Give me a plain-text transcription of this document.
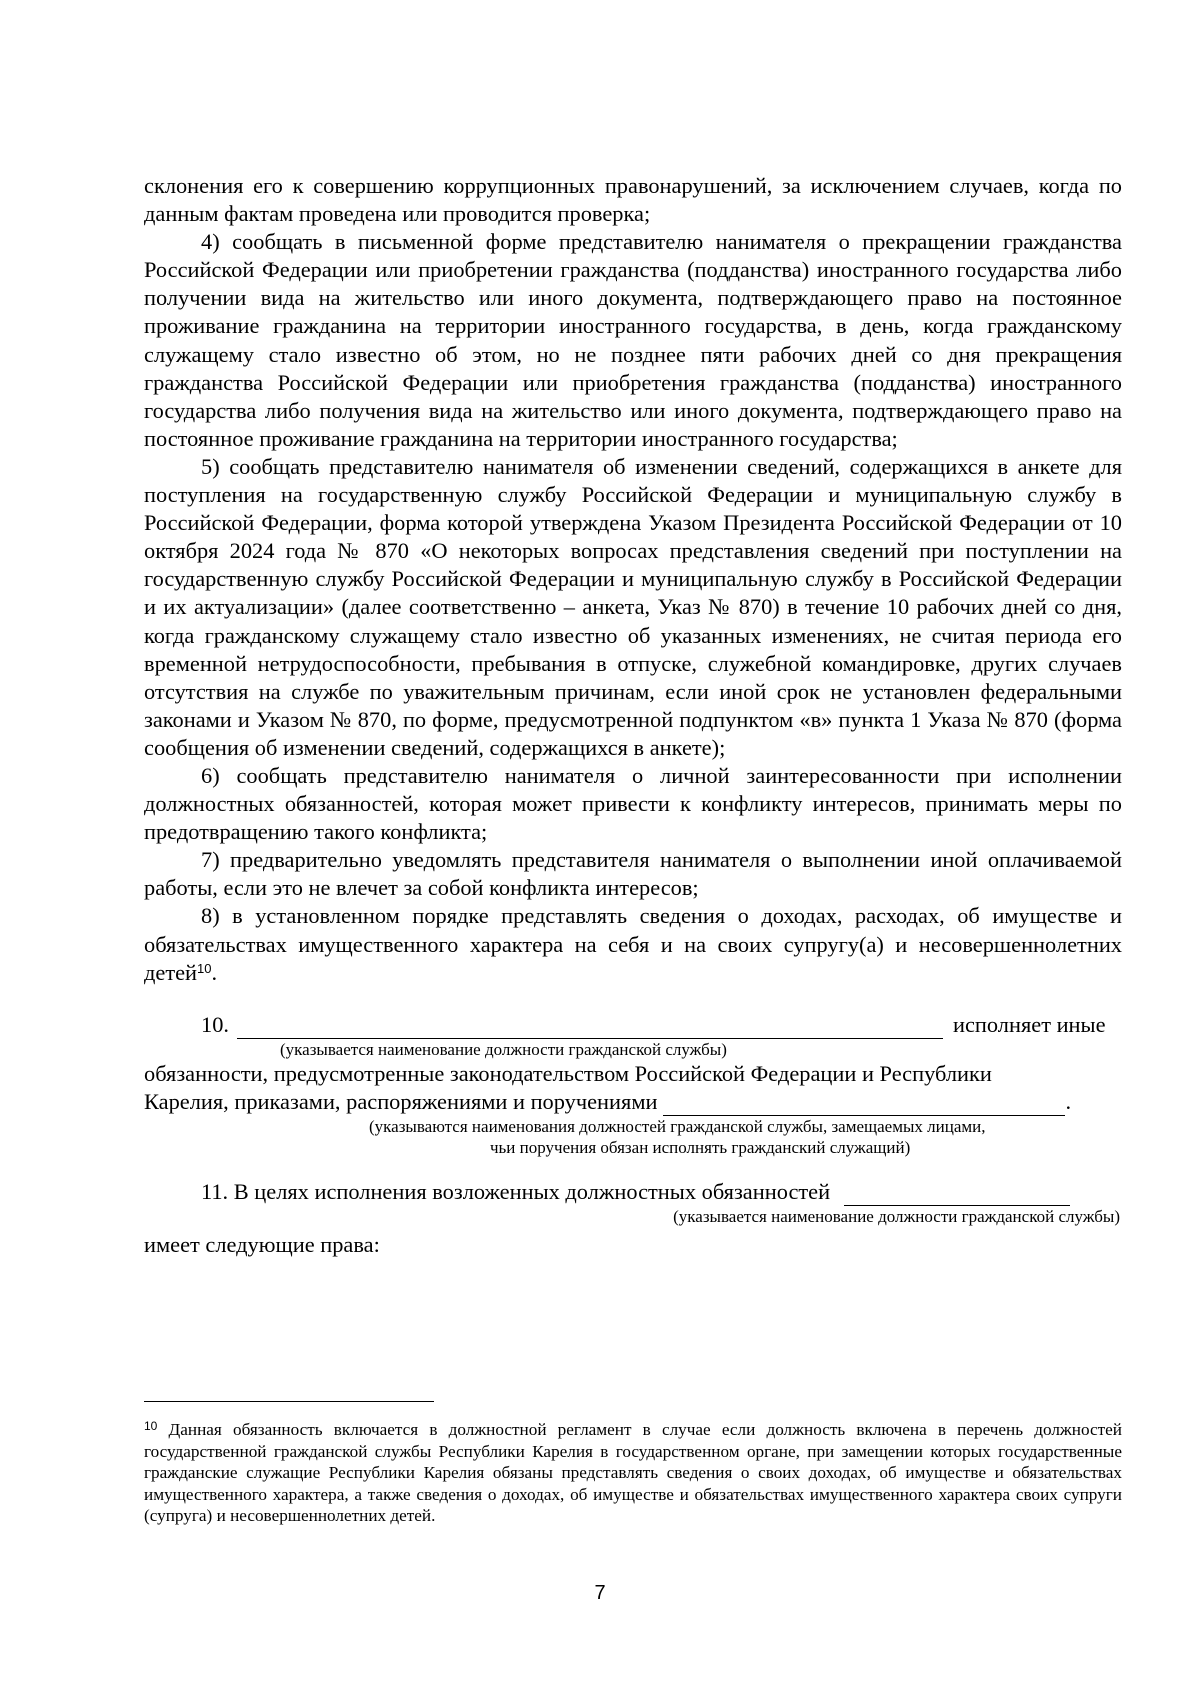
склонения его к совершению коррупционных правонарушений, за исключением случаев, когда по данным фактам проведена или проводится проверка;

4) сообщать в письменной форме представителю нанимателя о прекращении гражданства Российской Федерации или приобретении гражданства (подданства) иностранного государства либо получении вида на жительство или иного документа, подтверждающего право на постоянное проживание гражданина на территории иностранного государства, в день, когда гражданскому служащему стало известно об этом, но не позднее пяти рабочих дней со дня прекращения гражданства Российской Федерации или приобретения гражданства (подданства) иностранного государства либо получения вида на жительство или иного документа, подтверждающего право на постоянное проживание гражданина на территории иностранного государства;

5) сообщать представителю нанимателя об изменении сведений, содержащихся в анкете для поступления на государственную службу Российской Федерации и муниципальную службу в Российской Федерации, форма которой утверждена Указом Президента Российской Федерации от 10 октября 2024 года № 870 «О некоторых вопросах представления сведений при поступлении на государственную службу Российской Федерации и муниципальную службу в Российской Федерации и их актуализации» (далее соответственно – анкета, Указ № 870) в течение 10 рабочих дней со дня, когда гражданскому служащему стало известно об указанных изменениях, не считая периода его временной нетрудоспособности, пребывания в отпуске, служебной командировке, других случаев отсутствия на службе по уважительным причинам, если иной срок не установлен федеральными законами и Указом № 870, по форме, предусмотренной подпунктом «в» пункта 1 Указа № 870 (форма сообщения об изменении сведений, содержащихся в анкете);

6) сообщать представителю нанимателя о личной заинтересованности при исполнении должностных обязанностей, которая может привести к конфликту интересов, принимать меры по предотвращению такого конфликта;

7) предварительно уведомлять представителя нанимателя о выполнении иной оплачиваемой работы, если это не влечет за собой конфликта интересов;

8) в установленном порядке представлять сведения о доходах, расходах, об имуществе и обязательствах имущественного характера на себя и на своих супругу(а) и несовершеннолетних детей$^{10}$.

10.	исполняет иные

(указывается наименование должности гражданской службы)

обязанности, предусмотренные законодательством Российской Федерации и Республики

Карелия, приказами, распоряжениями и поручениями	.

(указываются наименования должностей гражданской службы, замещаемых лицами,

чьи поручения обязан исполнять гражданский служащий)

11. В целях исполнения возложенных должностных обязанностей

(указывается наименование должности гражданской службы)

имеет следующие права:

$^{10}$ Данная обязанность включается в должностной регламент в случае если должность включена в перечень должностей государственной гражданской службы Республики Карелия в государственном органе, при замещении которых государственные гражданские служащие Республики Карелия обязаны представлять сведения о своих доходах, об имуществе и обязательствах имущественного характера, а также сведения о доходах, об имуществе и обязательствах имущественного характера своих супруги (супруга) и несовершеннолетних детей.
7
